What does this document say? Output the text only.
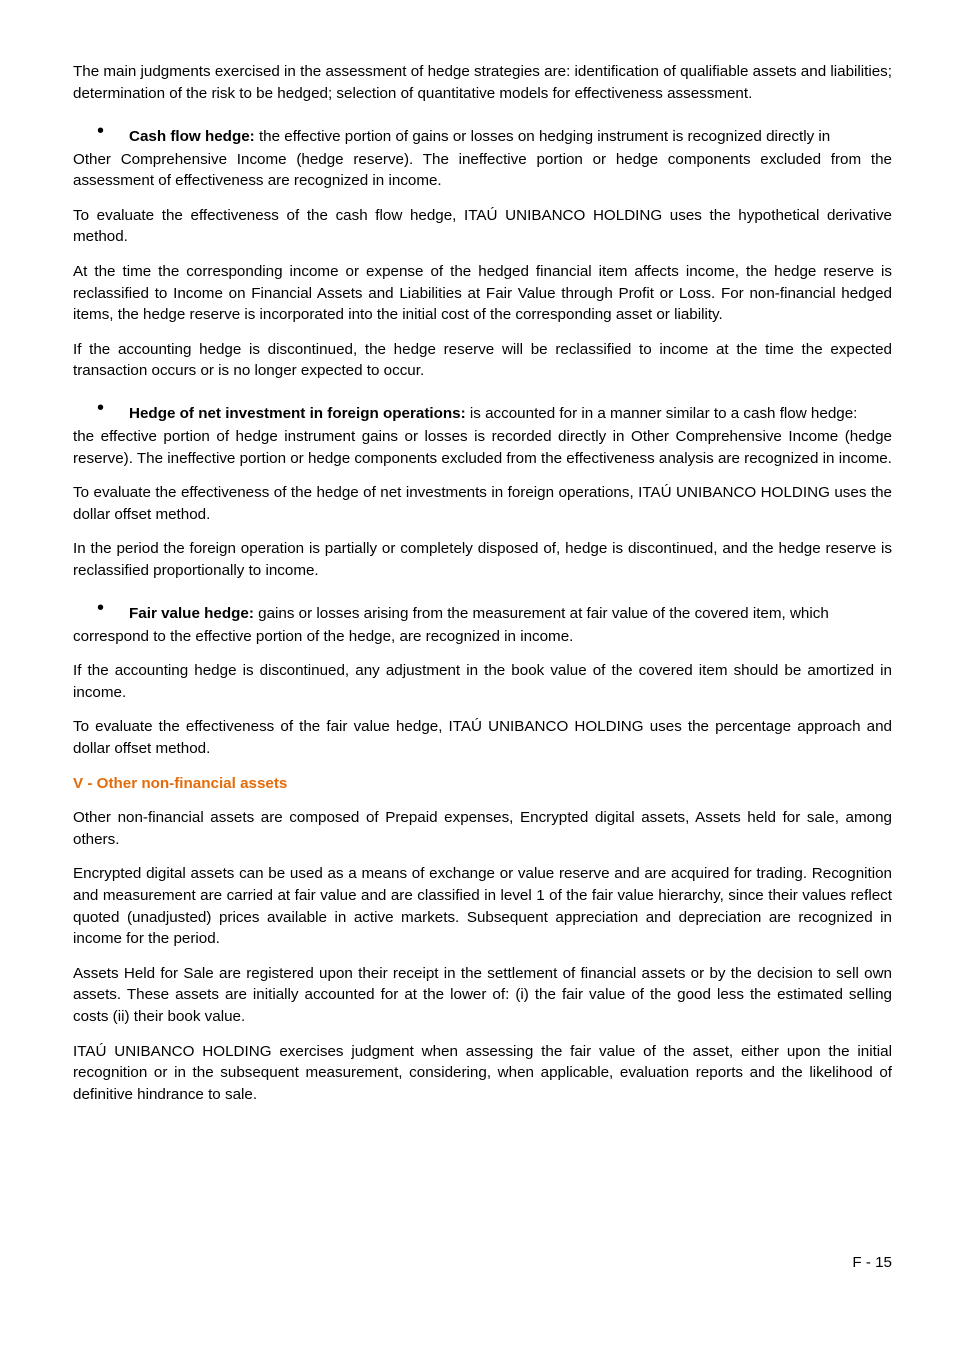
The main judgments exercised in the assessment of hedge strategies are: identification of qualifiable assets and liabilities; determination of the risk to be hedged; selection of quantitative models for effectiveness assessment.

• Cash flow hedge: the effective portion of gains or losses on hedging instrument is recognized directly in

Other Comprehensive Income (hedge reserve). The ineffective portion or hedge components excluded from the assessment of effectiveness are recognized in income.

To evaluate the effectiveness of the cash flow hedge, ITAÚ UNIBANCO HOLDING uses the hypothetical derivative method.

At the time the corresponding income or expense of the hedged financial item affects income, the hedge reserve is reclassified to Income on Financial Assets and Liabilities at Fair Value through Profit or Loss. For non-financial hedged items, the hedge reserve is incorporated into the initial cost of the corresponding asset or liability.

If the accounting hedge is discontinued, the hedge reserve will be reclassified to income at the time the expected transaction occurs or is no longer expected to occur.

• Hedge of net investment in foreign operations: is accounted for in a manner similar to a cash flow hedge:

the effective portion of hedge instrument gains or losses is recorded directly in Other Comprehensive Income (hedge reserve). The ineffective portion or hedge components excluded from the effectiveness analysis are recognized in income.

To evaluate the effectiveness of the hedge of net investments in foreign operations, ITAÚ UNIBANCO HOLDING uses the dollar offset method.

In the period the foreign operation is partially or completely disposed of, hedge is discontinued, and the hedge reserve is reclassified proportionally to income.

• Fair value hedge: gains or losses arising from the measurement at fair value of the covered item, which

correspond to the effective portion of the hedge, are recognized in income.

If the accounting hedge is discontinued, any adjustment in the book value of the covered item should be amortized in income.

To evaluate the effectiveness of the fair value hedge, ITAÚ UNIBANCO HOLDING uses the percentage approach and dollar offset method.

V - Other non-financial assets

Other non-financial assets are composed of Prepaid expenses, Encrypted digital assets, Assets held for sale, among others.

Encrypted digital assets can be used as a means of exchange or value reserve and are acquired for trading. Recognition and measurement are carried at fair value and are classified in level 1 of the fair value hierarchy, since their values reflect quoted (unadjusted) prices available in active markets. Subsequent appreciation and depreciation are recognized in income for the period.

Assets Held for Sale are registered upon their receipt in the settlement of financial assets or by the decision to sell own assets. These assets are initially accounted for at the lower of: (i) the fair value of the good less the estimated selling costs (ii) their book value.

ITAÚ UNIBANCO HOLDING exercises judgment when assessing the fair value of the asset, either upon the initial recognition or in the subsequent measurement, considering, when applicable, evaluation reports and the likelihood of definitive hindrance to sale.

F - 15
